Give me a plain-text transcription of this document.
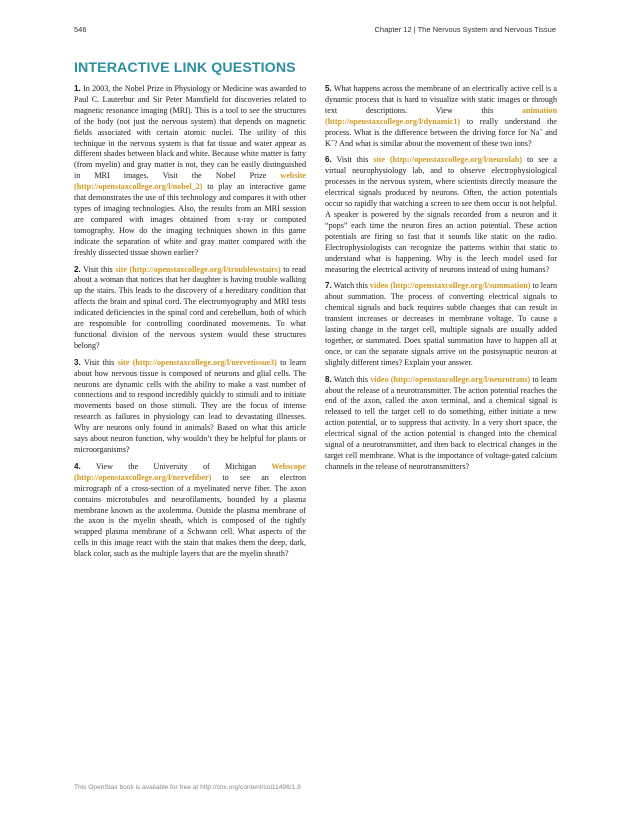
546	Chapter 12 | The Nervous System and Nervous Tissue
INTERACTIVE LINK QUESTIONS

1. In 2003, the Nobel Prize in Physiology or Medicine was awarded to Paul C. Lauterbur and Sir Peter Mansfield for discoveries related to magnetic resonance imaging (MRI). This is a tool to see the structures of the body (not just the nervous system) that depends on magnetic fields associated with certain atomic nuclei. The utility of this technique in the nervous system is that fat tissue and water appear as different shades between black and white. Because white matter is fatty (from myelin) and gray matter is not, they can be easily distinguished in MRI images. Visit the Nobel Prize website (http://openstaxcollege.org/l/nobel_2) to play an interactive game that demonstrates the use of this technology and compares it with other types of imaging technologies. Also, the results from an MRI session are compared with images obtained from x-ray or computed tomography. How do the imaging techniques shown in this game indicate the separation of white and gray matter compared with the freshly dissected tissue shown earlier?

2. Visit this site (http://openstaxcollege.org/l/troublewstairs) to read about a woman that notices that her daughter is having trouble walking up the stairs. This leads to the discovery of a hereditary condition that affects the brain and spinal cord. The electromyography and MRI tests indicated deficiencies in the spinal cord and cerebellum, both of which are responsible for controlling coordinated movements. To what functional division of the nervous system would these structures belong?

3. Visit this site (http://openstaxcollege.org/l/nervetissue3) to learn about how nervous tissue is composed of neurons and glial cells. The neurons are dynamic cells with the ability to make a vast number of connections and to respond incredibly quickly to stimuli and to initiate movements based on those stimuli. They are the focus of intense research as failures in physiology can lead to devastating illnesses. Why are neurons only found in animals? Based on what this article says about neuron function, why wouldn’t they be helpful for plants or microorganisms?

4. View the University of Michigan Webscope (http://openstaxcollege.org/l/nervefiber) to see an electron micrograph of a cross-section of a myelinated nerve fiber. The axon contains microtubules and neurofilaments, bounded by a plasma membrane known as the axolemma. Outside the plasma membrane of the axon is the myelin sheath, which is composed of the tightly wrapped plasma membrane of a Schwann cell. What aspects of the cells in this image react with the stain that makes them the deep, dark, black color, such as the multiple layers that are the myelin sheath?

5. What happens across the membrane of an electrically active cell is a dynamic process that is hard to visualize with static images or through text descriptions. View this animation (http://openstaxcollege.org/l/dynamic1) to really understand the process. What is the difference between the driving force for Na+ and K+? And what is similar about the movement of these two ions?

6. Visit this site (http://openstaxcollege.org/l/neurolab) to see a virtual neurophysiology lab, and to observe electrophysiological processes in the nervous system, where scientists directly measure the electrical signals produced by neurons. Often, the action potentials occur so rapidly that watching a screen to see them occur is not helpful. A speaker is powered by the signals recorded from a neuron and it “pops” each time the neuron fires an action potential. These action potentials are firing so fast that it sounds like static on the radio. Electrophysiologists can recognize the patterns within that static to understand what is happening. Why is the leech model used for measuring the electrical activity of neurons instead of using humans?

7. Watch this video (http://openstaxcollege.org/l/summation) to learn about summation. The process of converting electrical signals to chemical signals and back requires subtle changes that can result in transient increases or decreases in membrane voltage. To cause a lasting change in the target cell, multiple signals are usually added together, or summated. Does spatial summation have to happen all at once, or can the separate signals arrive on the postsynaptic neuron at slightly different times? Explain your answer.

8. Watch this video (http://openstaxcollege.org/l/neurotrans) to learn about the release of a neurotransmitter. The action potential reaches the end of the axon, called the axon terminal, and a chemical signal is released to tell the target cell to do something, either initiate a new action potential, or to suppress that activity. In a very short space, the electrical signal of the action potential is changed into the chemical signal of a neurotransmitter, and then back to electrical changes in the target cell membrane. What is the importance of voltage-gated calcium channels in the release of neurotransmitters?

This OpenStax book is available for free at http://cnx.org/content/col11496/1.8
